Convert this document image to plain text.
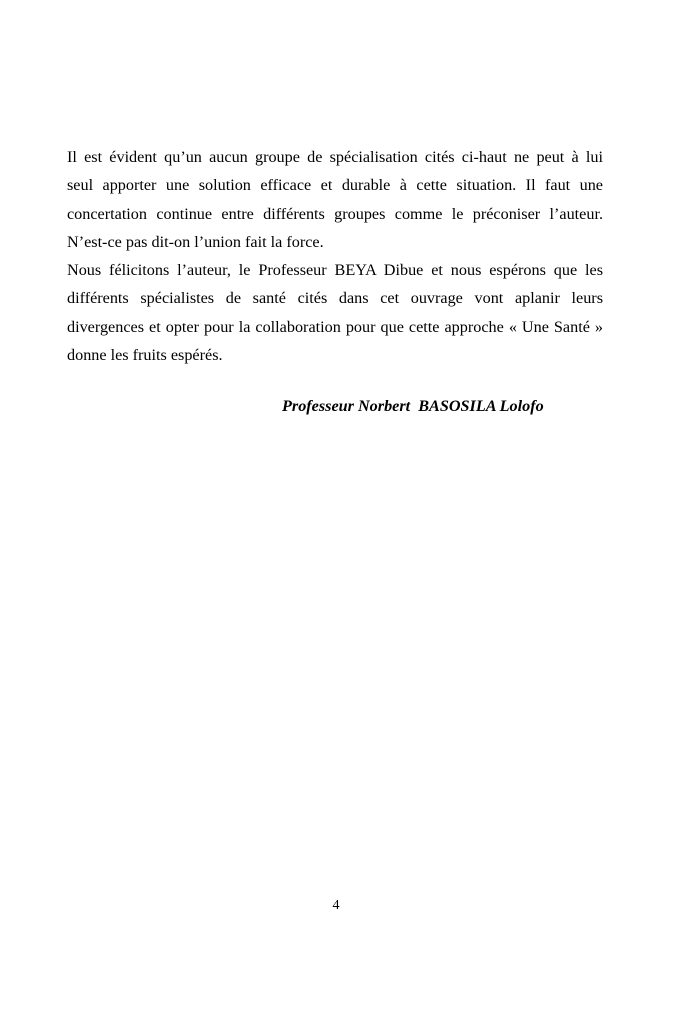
Il est évident qu’un aucun groupe de spécialisation cités ci-haut ne peut à lui
seul apporter une solution efficace et durable à cette situation. Il faut une
concertation continue entre différents groupes comme le préconiser l’auteur.
N’est-ce pas dit-on l’union fait la force.
Nous félicitons l’auteur, le Professeur BEYA Dibue et nous espérons que les
différents spécialistes de santé cités dans cet ouvrage vont aplanir leurs
divergences et opter pour la collaboration pour que cette approche « Une Santé »
donne les fruits espérés.
Professeur Norbert  BASOSILA Lolofo
4
